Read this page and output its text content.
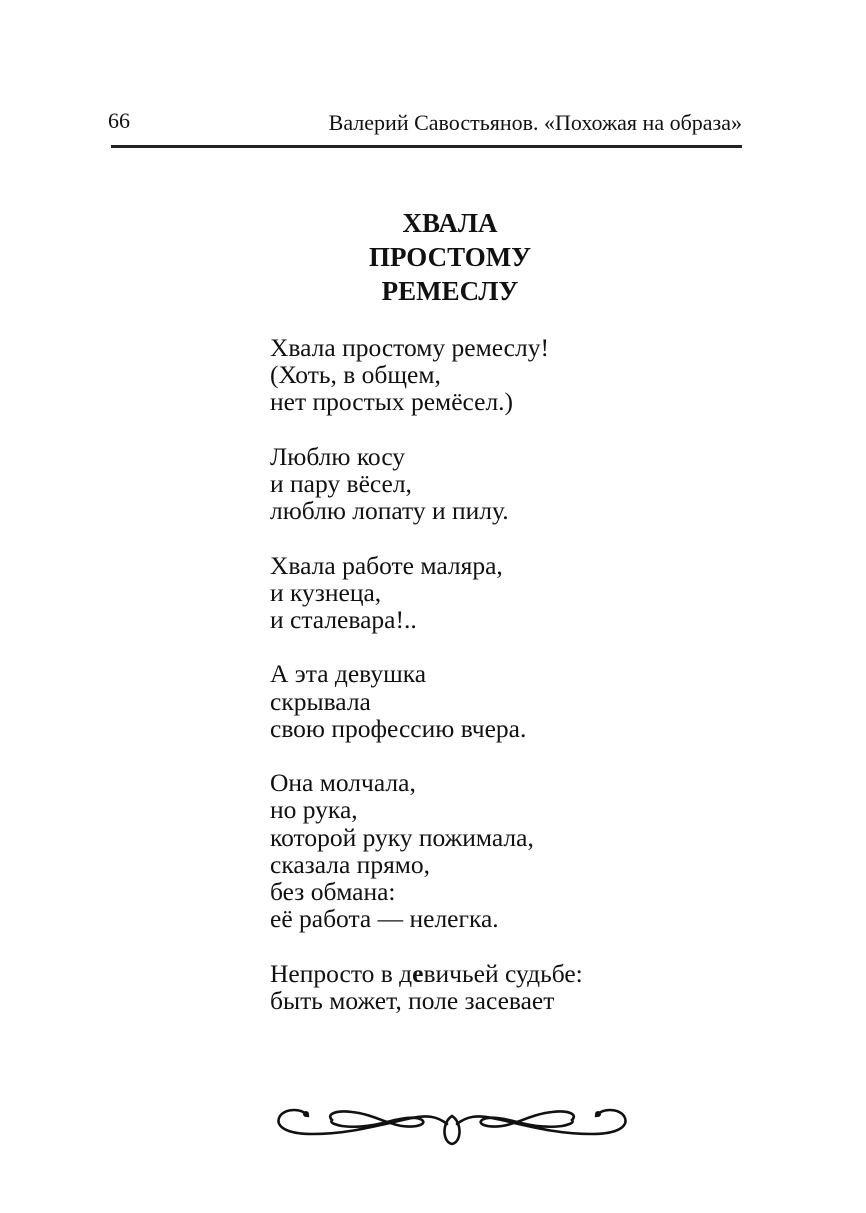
66	Валерий Савостьянов. «Похожая на образа»
ХВАЛА
ПРОСТОМУ
РЕМЕСЛУ
Хвала простому ремеслу!
(Хоть, в общем,
нет простых ремёсел.)
Люблю косу
и пару вёсел,
люблю лопату и пилу.
Хвала работе маляра,
и кузнеца,
и сталевара!..
А эта девушка
скрывала
свою профессию вчера.
Она молчала,
но рука,
которой руку пожимала,
сказала прямо,
без обмана:
её работа — нелегка.
Непросто в девичьей судьбе:
быть может, поле засевает
